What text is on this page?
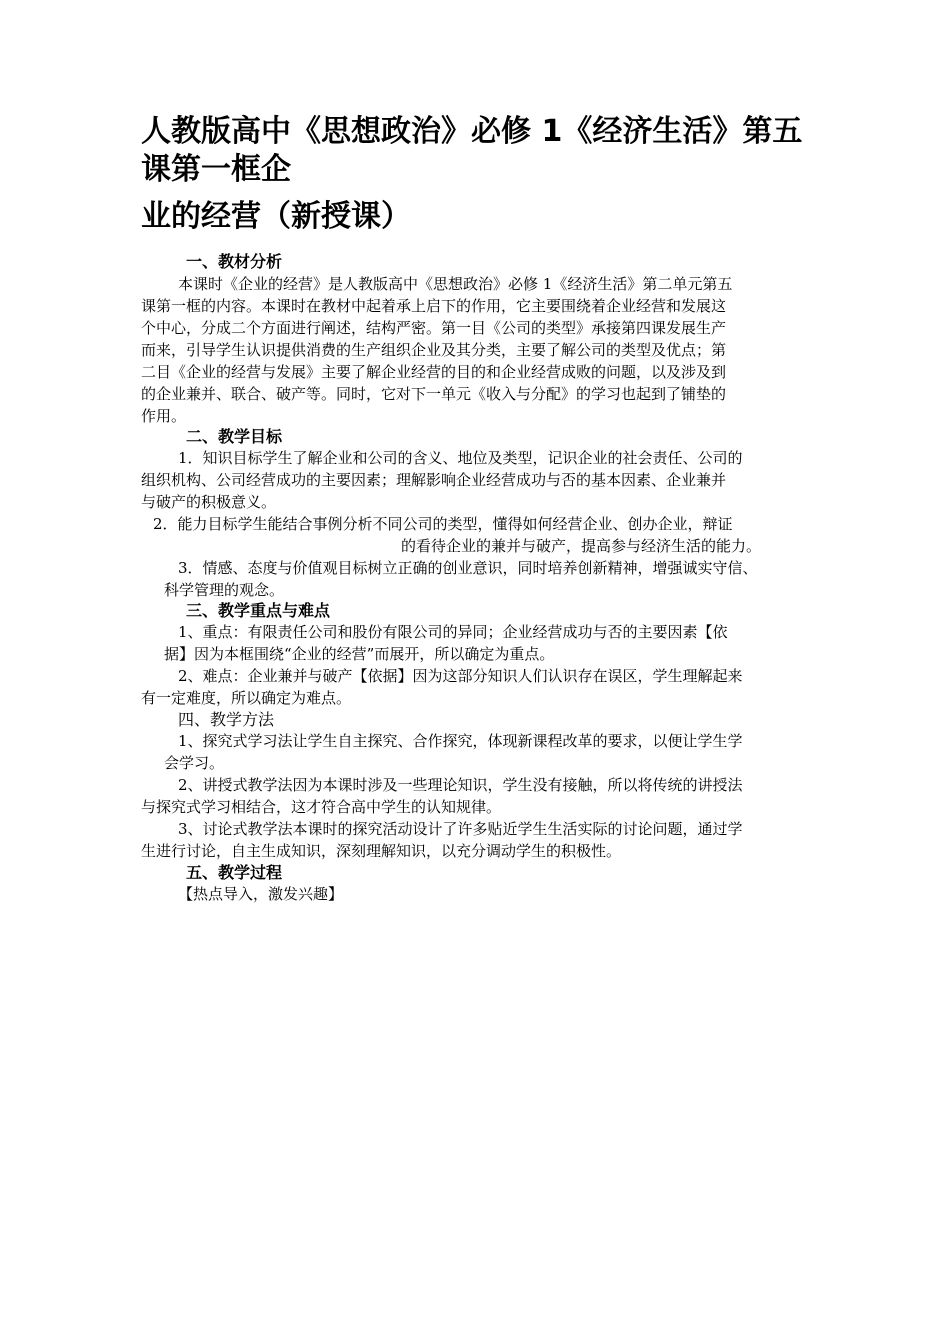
人教版高中《思想政治》必修 1《经济生活》第五
课第一框企
业的经营（新授课）
一、教材分析
本课时《企业的经营》是人教版高中《思想政治》必修 1《经济生活》第二单元第五
课第一框的内容。本课时在教材中起着承上启下的作用，它主要围绕着企业经营和发展这
个中心，分成二个方面进行阐述，结构严密。第一目《公司的类型》承接第四课发展生产
而来，引导学生认识提供消费的生产组织企业及其分类，主要了解公司的类型及优点；第
二目《企业的经营与发展》主要了解企业经营的目的和企业经营成败的问题，以及涉及到
的企业兼并、联合、破产等。同时，它对下一单元《收入与分配》的学习也起到了铺垫的
作用。
二、教学目标
1．知识目标学生了解企业和公司的含义、地位及类型，记识企业的社会责任、公司的
组织机构、公司经营成功的主要因素；理解影响企业经营成功与否的基本因素、企业兼并
与破产的积极意义。
2．能力目标学生能结合事例分析不同公司的类型，懂得如何经营企业、创办企业，辩证
的看待企业的兼并与破产，提高参与经济生活的能力。
3．情感、态度与价值观目标树立正确的创业意识，同时培养创新精神，增强诚实守信、
科学管理的观念。
三、教学重点与难点
1、重点：有限责任公司和股份有限公司的异同；企业经营成功与否的主要因素【依
据】因为本框围绕“企业的经营”而展开，所以确定为重点。
2、难点：企业兼并与破产【依据】因为这部分知识人们认识存在误区，学生理解起来
有一定难度，所以确定为难点。
四、教学方法
1、探究式学习法让学生自主探究、合作探究，体现新课程改革的要求，以便让学生学
会学习。
2、讲授式教学法因为本课时涉及一些理论知识，学生没有接触，所以将传统的讲授法
与探究式学习相结合，这才符合高中学生的认知规律。
3、讨论式教学法本课时的探究活动设计了许多贴近学生生活实际的讨论问题，通过学
生进行讨论，自主生成知识，深刻理解知识，以充分调动学生的积极性。
五、教学过程
【热点导入，激发兴趣】
